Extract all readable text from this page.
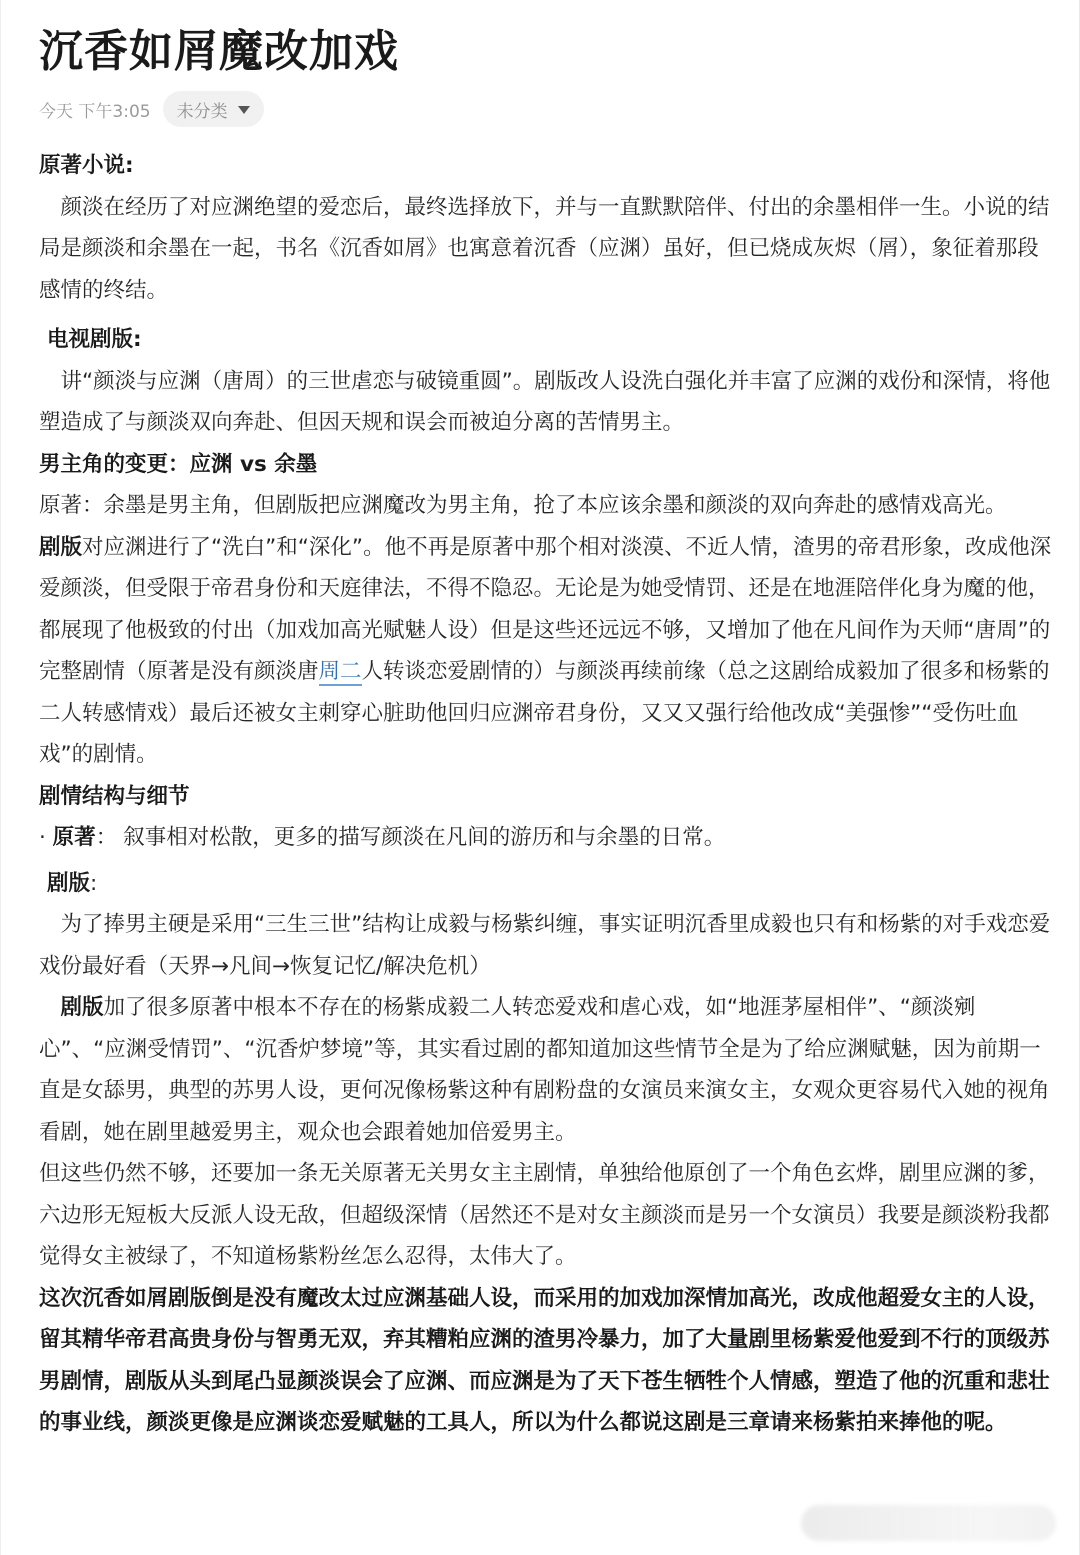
沉香如屑魔改加戏
今天 下午3:05 未分类

原著小说:

颜淡在经历了对应渊绝望的爱恋后，最终选择放下，并与一直默默陪伴、付出的余墨相伴一生。小说的结局是颜淡和余墨在一起，书名《沉香如屑》也寓意着沉香（应渊）虽好，但已烧成灰烬（屑），象征着那段感情的终结。

电视剧版:

讲“颜淡与应渊（唐周）的三世虐恋与破镜重圆”。剧版改人设洗白强化并丰富了应渊的戏份和深情，将他塑造成了与颜淡双向奔赴、但因天规和误会而被迫分离的苦情男主。

男主角的变更：应渊 vs 余墨

原著：余墨是男主角，但剧版把应渊魔改为男主角，抢了本应该余墨和颜淡的双向奔赴的感情戏高光。

剧版对应渊进行了“洗白”和“深化”。他不再是原著中那个相对淡漠、不近人情，渣男的帝君形象，改成他深爱颜淡，但受限于帝君身份和天庭律法，不得不隐忍。无论是为她受情罚、还是在地涯陪伴化身为魔的他，都展现了他极致的付出（加戏加高光赋魅人设）但是这些还远远不够，又增加了他在凡间作为天师“唐周”的完整剧情（原著是没有颜淡唐周二人转谈恋爱剧情的）与颜淡再续前缘（总之这剧给成毅加了很多和杨紫的二人转感情戏）最后还被女主刺穿心脏助他回归应渊帝君身份，又又又强行给他改成“美强惨”“受伤吐血戏”的剧情。

剧情结构与细节

· 原著： 叙事相对松散，更多的描写颜淡在凡间的游历和与余墨的日常。

剧版:

为了捧男主硬是采用“三生三世”结构让成毅与杨紫纠缠，事实证明沉香里成毅也只有和杨紫的对手戏恋爱戏份最好看（天界→凡间→恢复记忆/解决危机）

剧版加了很多原著中根本不存在的杨紫成毅二人转恋爱戏和虐心戏，如“地涯茅屋相伴”、“颜淡剜心”、“应渊受情罚”、“沉香炉梦境”等，其实看过剧的都知道加这些情节全是为了给应渊赋魅，因为前期一直是女舔男，典型的苏男人设，更何况像杨紫这种有剧粉盘的女演员来演女主，女观众更容易代入她的视角看剧，她在剧里越爱男主，观众也会跟着她加倍爱男主。

但这些仍然不够，还要加一条无关原著无关男女主主剧情，单独给他原创了一个角色玄烨，剧里应渊的爹，六边形无短板大反派人设无敌，但超级深情（居然还不是对女主颜淡而是另一个女演员）我要是颜淡粉我都觉得女主被绿了，不知道杨紫粉丝怎么忍得，太伟大了。

这次沉香如屑剧版倒是没有魔改太过应渊基础人设，而采用的加戏加深情加高光，改成他超爱女主的人设，留其精华帝君高贵身份与智勇无双，弃其糟粕应渊的渣男冷暴力，加了大量剧里杨紫爱他爱到不行的顶级苏男剧情，剧版从头到尾凸显颜淡误会了应渊、而应渊是为了天下苍生牺牲个人情感，塑造了他的沉重和悲壮的事业线，颜淡更像是应渊谈恋爱赋魅的工具人，所以为什么都说这剧是三章请来杨紫拍来捧他的呢。
